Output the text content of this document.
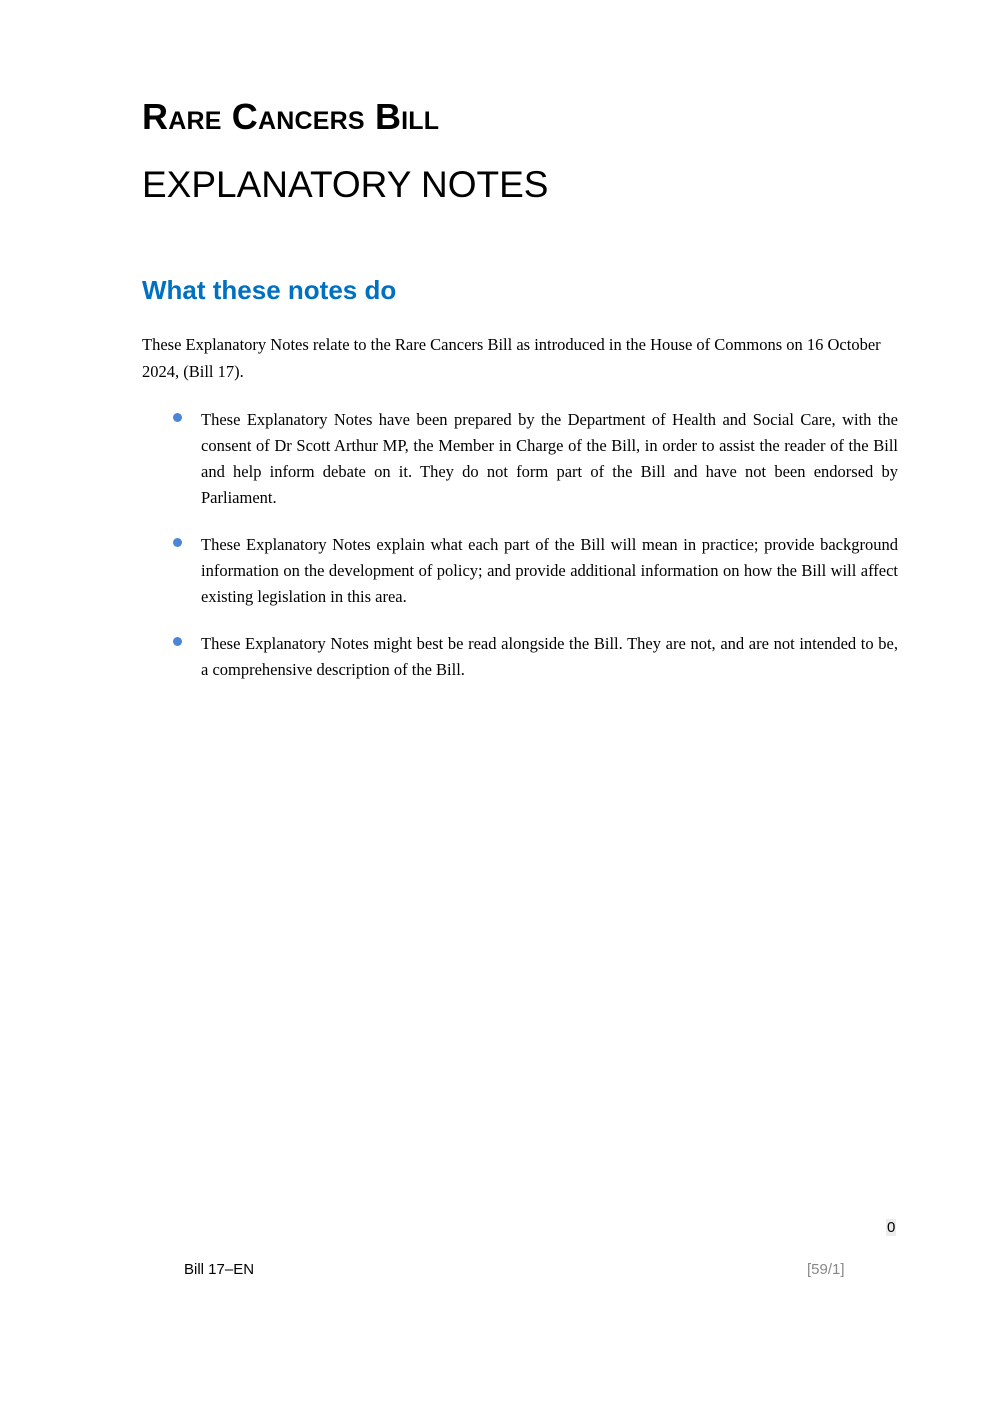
Rare Cancers Bill
EXPLANATORY NOTES
What these notes do

These Explanatory Notes relate to the Rare Cancers Bill as introduced in the House of Commons on 16 October 2024, (Bill 17).

These Explanatory Notes have been prepared by the Department of Health and Social Care, with the consent of Dr Scott Arthur MP, the Member in Charge of the Bill, in order to assist the reader of the Bill and help inform debate on it. They do not form part of the Bill and have not been endorsed by Parliament.
These Explanatory Notes explain what each part of the Bill will mean in practice; provide background information on the development of policy; and provide additional information on how the Bill will affect existing legislation in this area.
These Explanatory Notes might best be read alongside the Bill. They are not, and are not intended to be, a comprehensive description of the Bill.
0
Bill 17–EN	[59/1]
